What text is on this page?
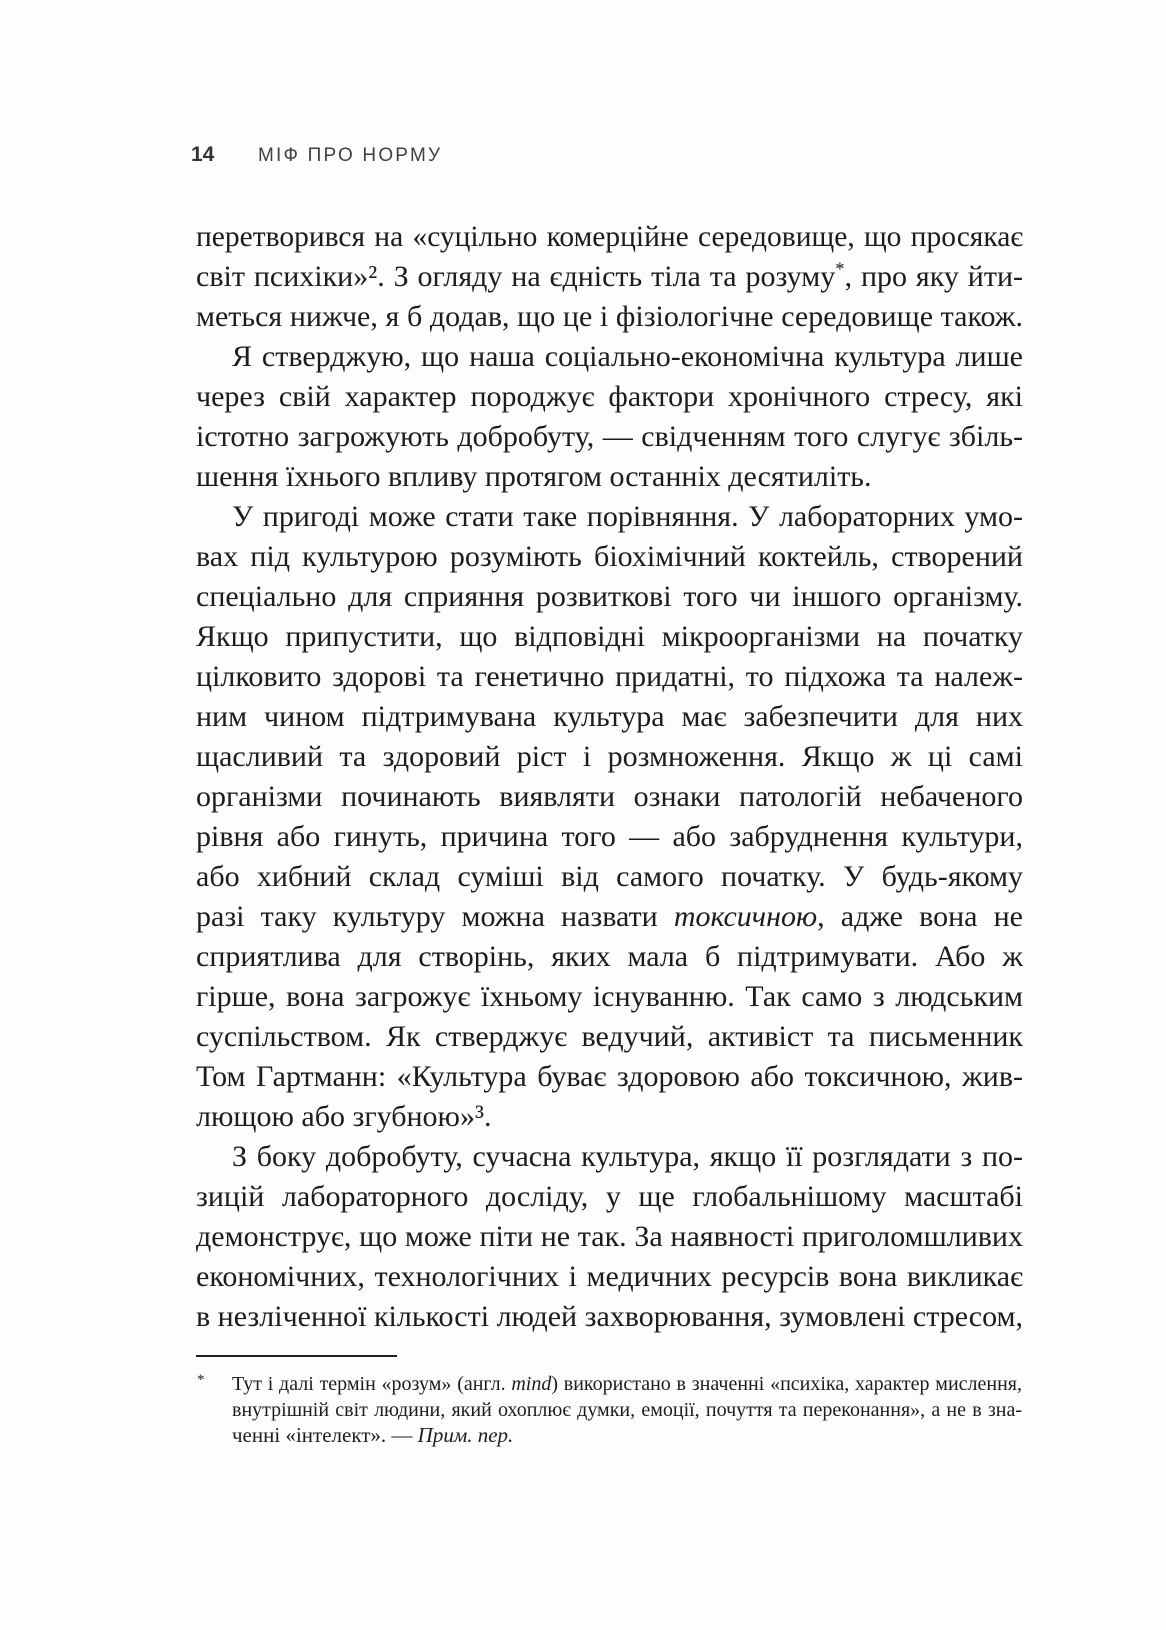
14 МІФ ПРО НОРМУ
перетворився на «суцільно комерційне середовище, що просякає
світ психіки»². З огляду на єдність тіла та розуму*, про яку йти-
меться нижче, я б додав, що це і фізіологічне середовище також.
Я стверджую, що наша соціально-економічна культура лише
через свій характер породжує фактори хронічного стресу, які
істотно загрожують добробуту, — свідченням того слугує збіль-
шення їхнього впливу протягом останніх десятиліть.
У пригоді може стати таке порівняння. У лабораторних умо-
вах під культурою розуміють біохімічний коктейль, створений
спеціально для сприяння розвиткові того чи іншого організму.
Якщо припустити, що відповідні мікроорганізми на початку
цілковито здорові та генетично придатні, то підхожа та належ-
ним чином підтримувана культура має забезпечити для них
щасливий та здоровий ріст і розмноження. Якщо ж ці самі
організми починають виявляти ознаки патологій небаченого
рівня або гинуть, причина того — або забруднення культури,
або хибний склад суміші від самого початку. У будь-якому
разі таку культуру можна назвати токсичною, адже вона не
сприятлива для створінь, яких мала б підтримувати. Або ж
гірше, вона загрожує їхньому існуванню. Так само з людським
суспільством. Як стверджує ведучий, активіст та письменник
Том Гартманн: «Культура буває здоровою або токсичною, жив-
лющою або згубною»³.
З боку добробуту, сучасна культура, якщо її розглядати з по-
зицій лабораторного досліду, у ще глобальнішому масштабі
демонструє, що може піти не так. За наявності приголомшливих
економічних, технологічних і медичних ресурсів вона викликає
в незліченної кількості людей захворювання, зумовлені стресом,
* Тут і далі термін «розум» (англ. mind) використано в значенні «психіка, характер мислення,
внутрішній світ людини, який охоплює думки, емоції, почуття та переконання», а не в зна-
ченні «інтелект». — Прим. пер.
